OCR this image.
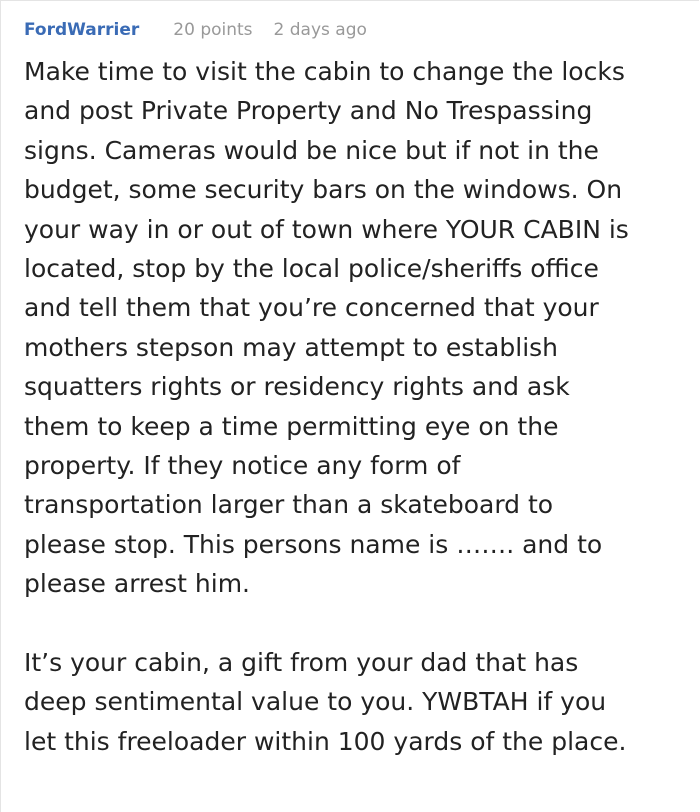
FordWarrier 20 points 2 days ago
Make time to visit the cabin to change the locks
and post Private Property and No Trespassing
signs. Cameras would be nice but if not in the
budget, some security bars on the windows. On
your way in or out of town where YOUR CABIN is
located, stop by the local police/sheriffs office
and tell them that you’re concerned that your
mothers stepson may attempt to establish
squatters rights or residency rights and ask
them to keep a time permitting eye on the
property. If they notice any form of
transportation larger than a skateboard to
please stop. This persons name is ……. and to
please arrest him.
It’s your cabin, a gift from your dad that has
deep sentimental value to you. YWBTAH if you
let this freeloader within 100 yards of the place.
